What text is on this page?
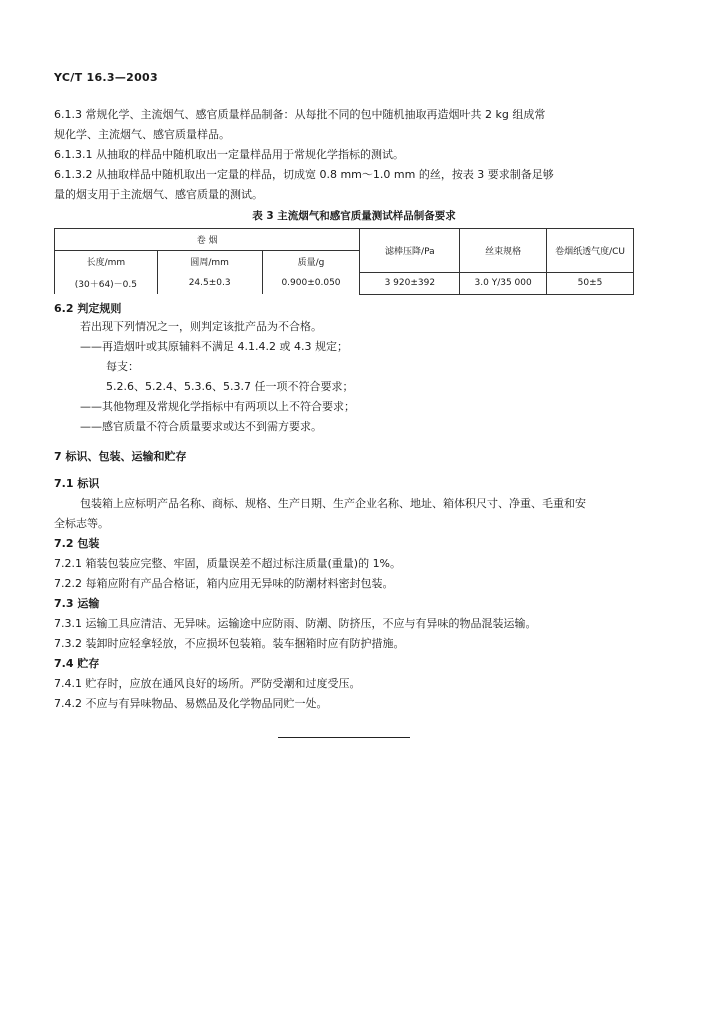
YC/T 16.3—2003
6.1.3 常规化学、主流烟气、感官质量样品制备：从每批不同的包中随机抽取再造烟叶共 2 kg 组成常
规化学、主流烟气、感官质量样品。
6.1.3.1 从抽取的样品中随机取出一定量样品用于常规化学指标的测试。
6.1.3.2 从抽取样品中随机取出一定量的样品，切成宽 0.8 mm～1.0 mm 的丝，按表 3 要求制备足够
量的烟支用于主流烟气、感官质量的测试。
表 3 主流烟气和感官质量测试样品制备要求
卷 烟			滤棒压降/Pa	丝束规格	卷烟纸透气度/CU
长度/mm	圆周/mm	质量/g			
(30＋64)－0.5	24.5±0.3	0.900±0.050	3 920±392	3.0 Y/35 000	50±5
6.2 判定规则
若出现下列情况之一，则判定该批产品为不合格。
——再造烟叶或其原辅料不满足 4.1.4.2 或 4.3 规定；
每支：
5.2.6、5.2.4、5.3.6、5.3.7 任一项不符合要求；
——其他物理及常规化学指标中有两项以上不符合要求；
——感官质量不符合质量要求或达不到需方要求。
7 标识、包装、运输和贮存
7.1 标识
包装箱上应标明产品名称、商标、规格、生产日期、生产企业名称、地址、箱体积尺寸、净重、毛重和安
全标志等。
7.2 包装
7.2.1 箱装包装应完整、牢固，质量误差不超过标注质量(重量)的 1%。
7.2.2 每箱应附有产品合格证，箱内应用无异味的防潮材料密封包装。
7.3 运输
7.3.1 运输工具应清洁、无异味。运输途中应防雨、防潮、防挤压，不应与有异味的物品混装运输。
7.3.2 装卸时应轻拿轻放，不应损坏包装箱。装车捆箱时应有防护措施。
7.4 贮存
7.4.1 贮存时，应放在通风良好的场所。严防受潮和过度受压。
7.4.2 不应与有异味物品、易燃品及化学物品同贮一处。
